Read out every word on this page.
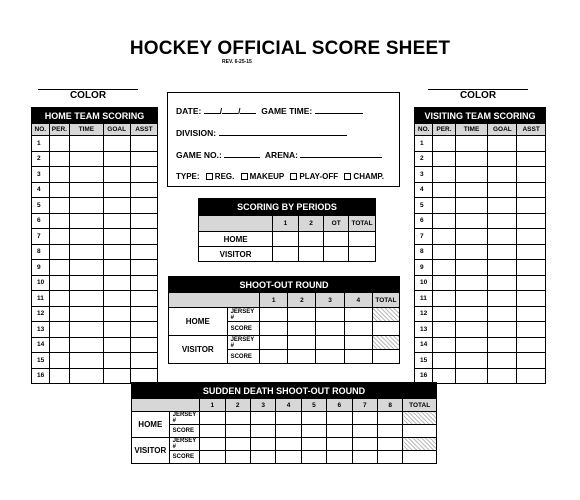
HOCKEY OFFICIAL SCORE SHEET
REV. 6-25-15
COLOR	COLOR
HOME TEAM SCORING				
NO.	PER.	TIME	GOAL	ASST
1				
2				
3				
4				
5				
6				
7				
8				
9				
10				
11				
12				
13				
14				
15				
16				
VISITING TEAM SCORING				
NO.	PER.	TIME	GOAL	ASST
1				
2				
3				
4				
5				
6				
7				
8				
9				
10				
11				
12				
13				
14				
15				
16				
DATE: / / GAME TIME:
DIVISION:
GAME NO.:	ARENA:
TYPE: REG. MAKEUP PLAY-OFF CHAMP.
SCORING BY PERIODS				
	1	2	OT	TOTAL
HOME				
VISITOR				
SHOOT-OUT ROUND						
		1	2	3	4	TOTAL
HOME	JERSEY #					
	SCORE					
VISITOR	JERSEY #					
	SCORE					
SUDDEN DEATH SHOOT-OUT ROUND										
		1	2	3	4	5	6	7	8	TOTAL
HOME	JERSEY #									
	SCORE									
VISITOR	JERSEY #									
	SCORE									
